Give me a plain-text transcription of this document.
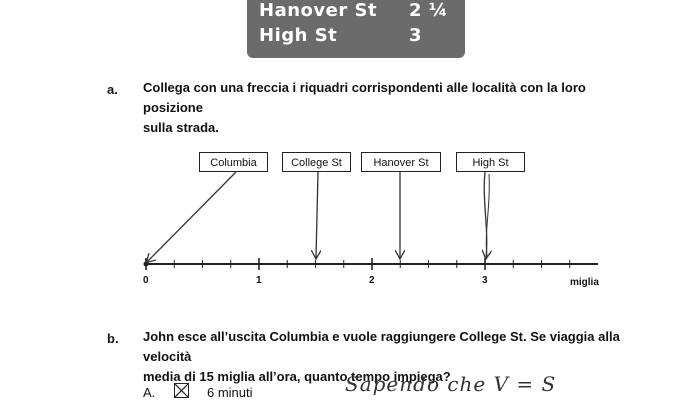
Hanover St 2 ¼
High St	3
a. Collega con una freccia i riquadri corrispondenti alle località con la loro posizione
sulla strada.
Columbia	College St	Hanover St	High St
0	1	2	3	miglia
b. John esce all’uscita Columbia e vuole raggiungere College St. Se viaggia alla velocità
media di 15 miglia all’ora, quanto tempo impiega?
A.	6 minuti	Sapendo che V = S
